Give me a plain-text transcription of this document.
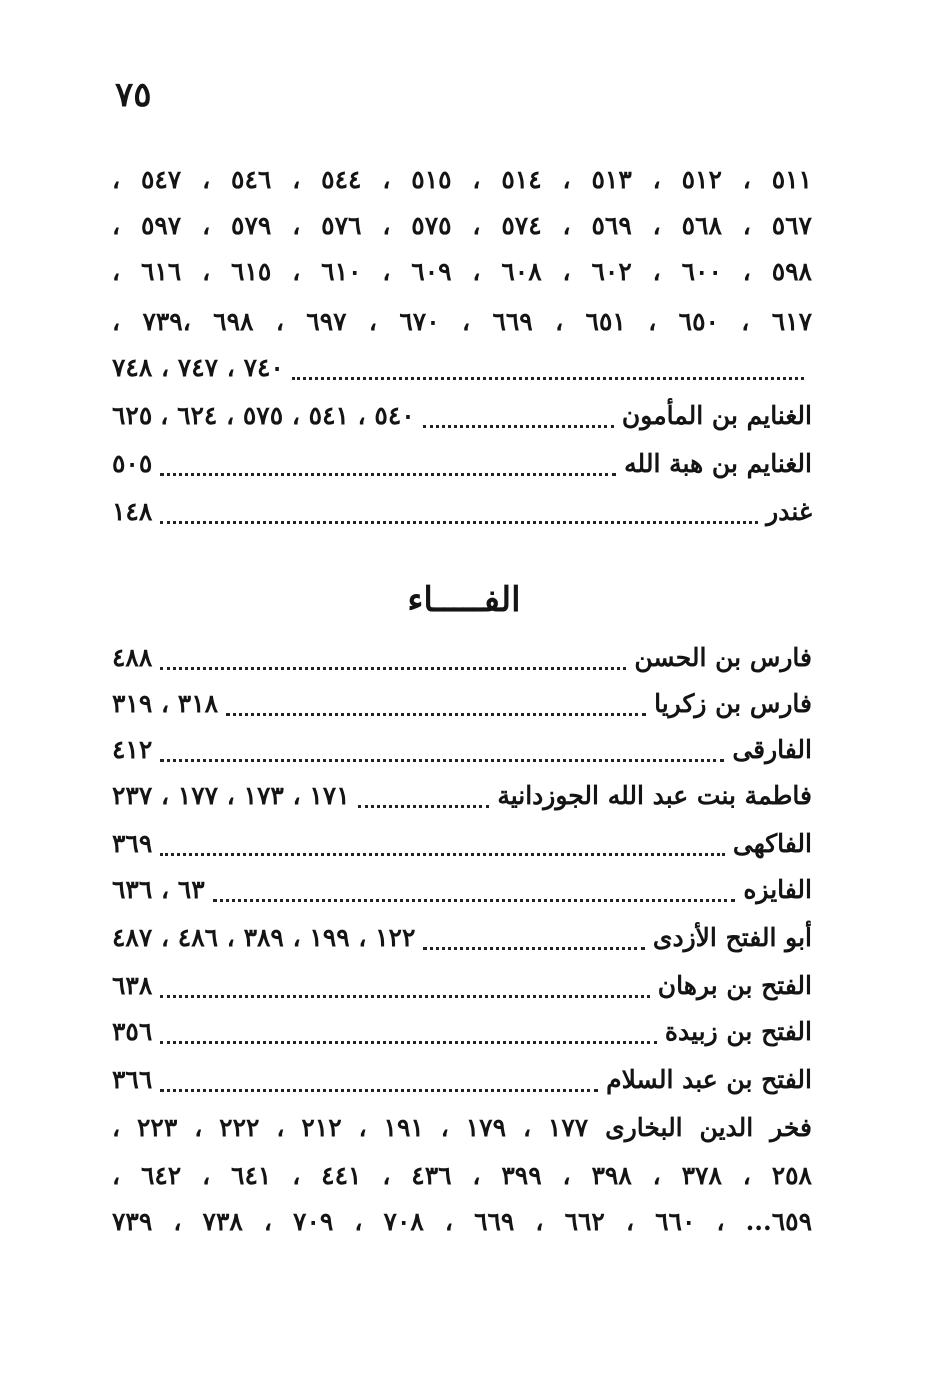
٧٥
٥١١ ، ٥١٢ ، ٥١٣ ، ٥١٤ ، ٥١٥ ، ٥٤٤ ، ٥٤٦ ، ٥٤٧ ،
٥٦٧ ، ٥٦٨ ، ٥٦٩ ، ٥٧٤ ، ٥٧٥ ، ٥٧٦ ، ٥٧٩ ، ٥٩٧ ،
٥٩٨ ، ٦٠٠ ، ٦٠٢ ، ٦٠٨ ، ٦٠٩ ، ٦١٠ ، ٦١٥ ، ٦١٦ ،
٦١٧ ، ٦٥٠ ، ٦٥١ ، ٦٦٩ ، ٦٧٠ ، ٦٩٧ ، ٦٩٨ ،٧٣٩ ،
٧٤٠ ، ٧٤٧ ، ٧٤٨
الغنايم بن المأمون
٥٤٠ ، ٥٤١ ، ٥٧٥ ، ٦٢٤ ،
٦٢٥
الغنايم بن هبة الله
٥٠٥
غندر
١٤٨
الفـــــاء
فارس بن الحسن
٤٨٨
فارس بن زكريا
٣١٨ ، ٣١٩
الفارقى
٤١٢
فاطمة بنت عبد الله الجوزدانية
١٧١ ، ١٧٣ ، ١٧٧ ، ٢٣٧
الفاكهى
٣٦٩
الفايزه
٦٣ ، ٦٣٦
أبو الفتح الأزدى
١٢٢ ، ١٩٩ ، ٣٨٩ ، ٤٨٦ ، ٤٨٧
الفتح بن برهان
٦٣٨
الفتح بن زبيدة
٣٥٦
الفتح بن عبد السلام
٣٦٦
فخر الدين البخارى ١٧٧ ، ١٧٩ ، ١٩١ ، ٢١٢ ، ٢٢٢ ، ٢٢٣ ،
٢٥٨ ، ٣٧٨ ، ٣٩٨ ، ٣٩٩ ، ٤٣٦ ، ٤٤١ ، ٦٤١ ، ٦٤٢ ،
٦٥٩... ، ٦٦٠ ، ٦٦٢ ، ٦٦٩ ، ٧٠٨ ، ٧٠٩ ، ٧٣٨ ، ٧٣٩
